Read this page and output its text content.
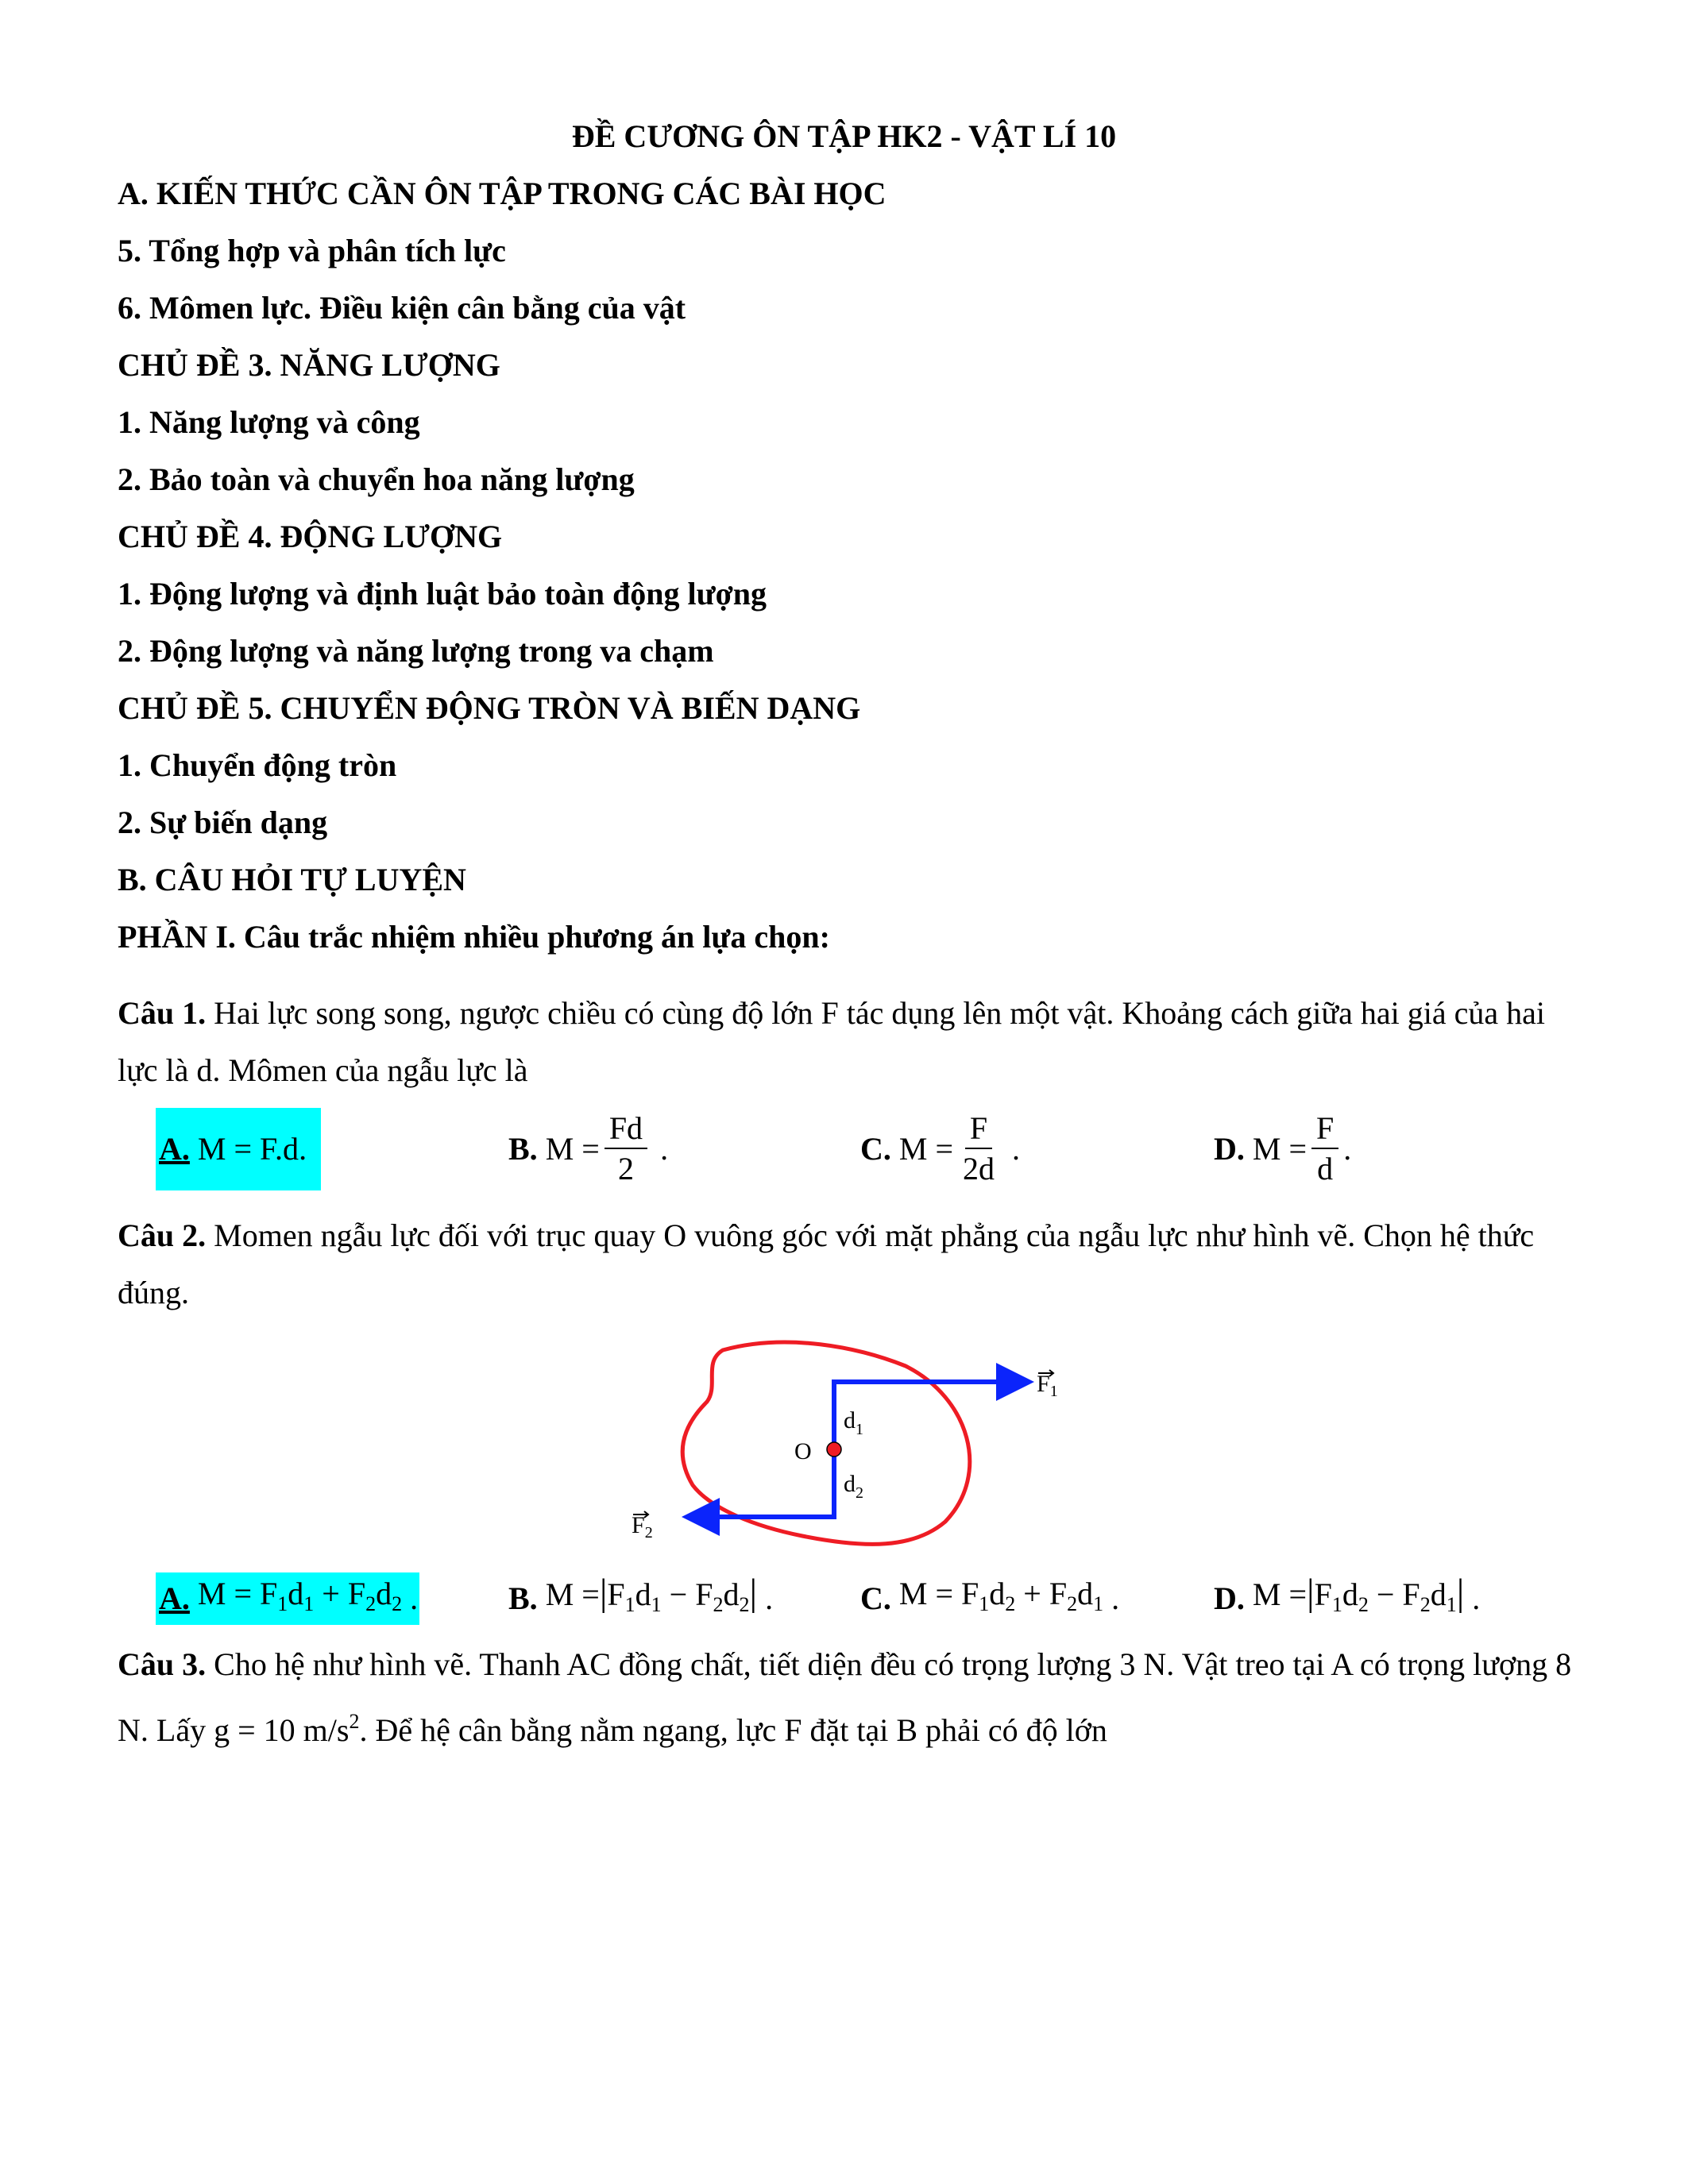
ĐỀ CƯƠNG ÔN TẬP HK2 - VẬT LÍ 10
A. KIẾN THỨC CẦN ÔN TẬP TRONG CÁC BÀI HỌC
5. Tổng hợp và phân tích lực
6. Mômen lực. Điều kiện cân bằng của vật
CHỦ ĐỀ 3. NĂNG LƯỢNG
1. Năng lượng và công
2. Bảo toàn và chuyển hoa năng lượng
CHỦ ĐỀ 4. ĐỘNG LƯỢNG
1. Động lượng và định luật bảo toàn động lượng
2. Động lượng và năng lượng trong va chạm
CHỦ ĐỀ 5. CHUYỂN ĐỘNG TRÒN VÀ BIẾN DẠNG
1. Chuyển động tròn
2. Sự biến dạng
B. CÂU HỎI TỰ LUYỆN
PHẦN I. Câu trắc nhiệm nhiều phương án lựa chọn:
Câu 1. Hai lực song song, ngược chiều có cùng độ lớn F tác dụng lên một vật. Khoảng cách giữa hai giá của hai lực là d. Mômen của ngẫu lực là
A.
M = F.d .	B.
$M = \frac{Fd}{2}$ .	C.
$M = \frac{F}{2d}$ .	D.
$M = \frac{F}{d}$ .
Câu 2. Momen ngẫu lực đối với trục quay O vuông góc với mặt phẳng của ngẫu lực như hình vẽ. Chọn hệ thức đúng.
O
$d_1$
$d_2$
$F_1$
$F_2$
A.
$M = F_1d_1 + F_2d_2$ .	B.
$M =|F_1d_1 - F_2d_2|$ .	C.
$M = F_1d_2 + F_2d_1$ .	D.
$M =|F_1d_2 - F_2d_1|$ .
Câu 3. Cho hệ như hình vẽ. Thanh AC đồng chất, tiết diện đều có trọng lượng 3 N. Vật treo tại A có trọng lượng 8 N. Lấy g = 10 $m/s^2$. Để hệ cân bằng nằm ngang, lực F đặt tại B phải có độ lớn
